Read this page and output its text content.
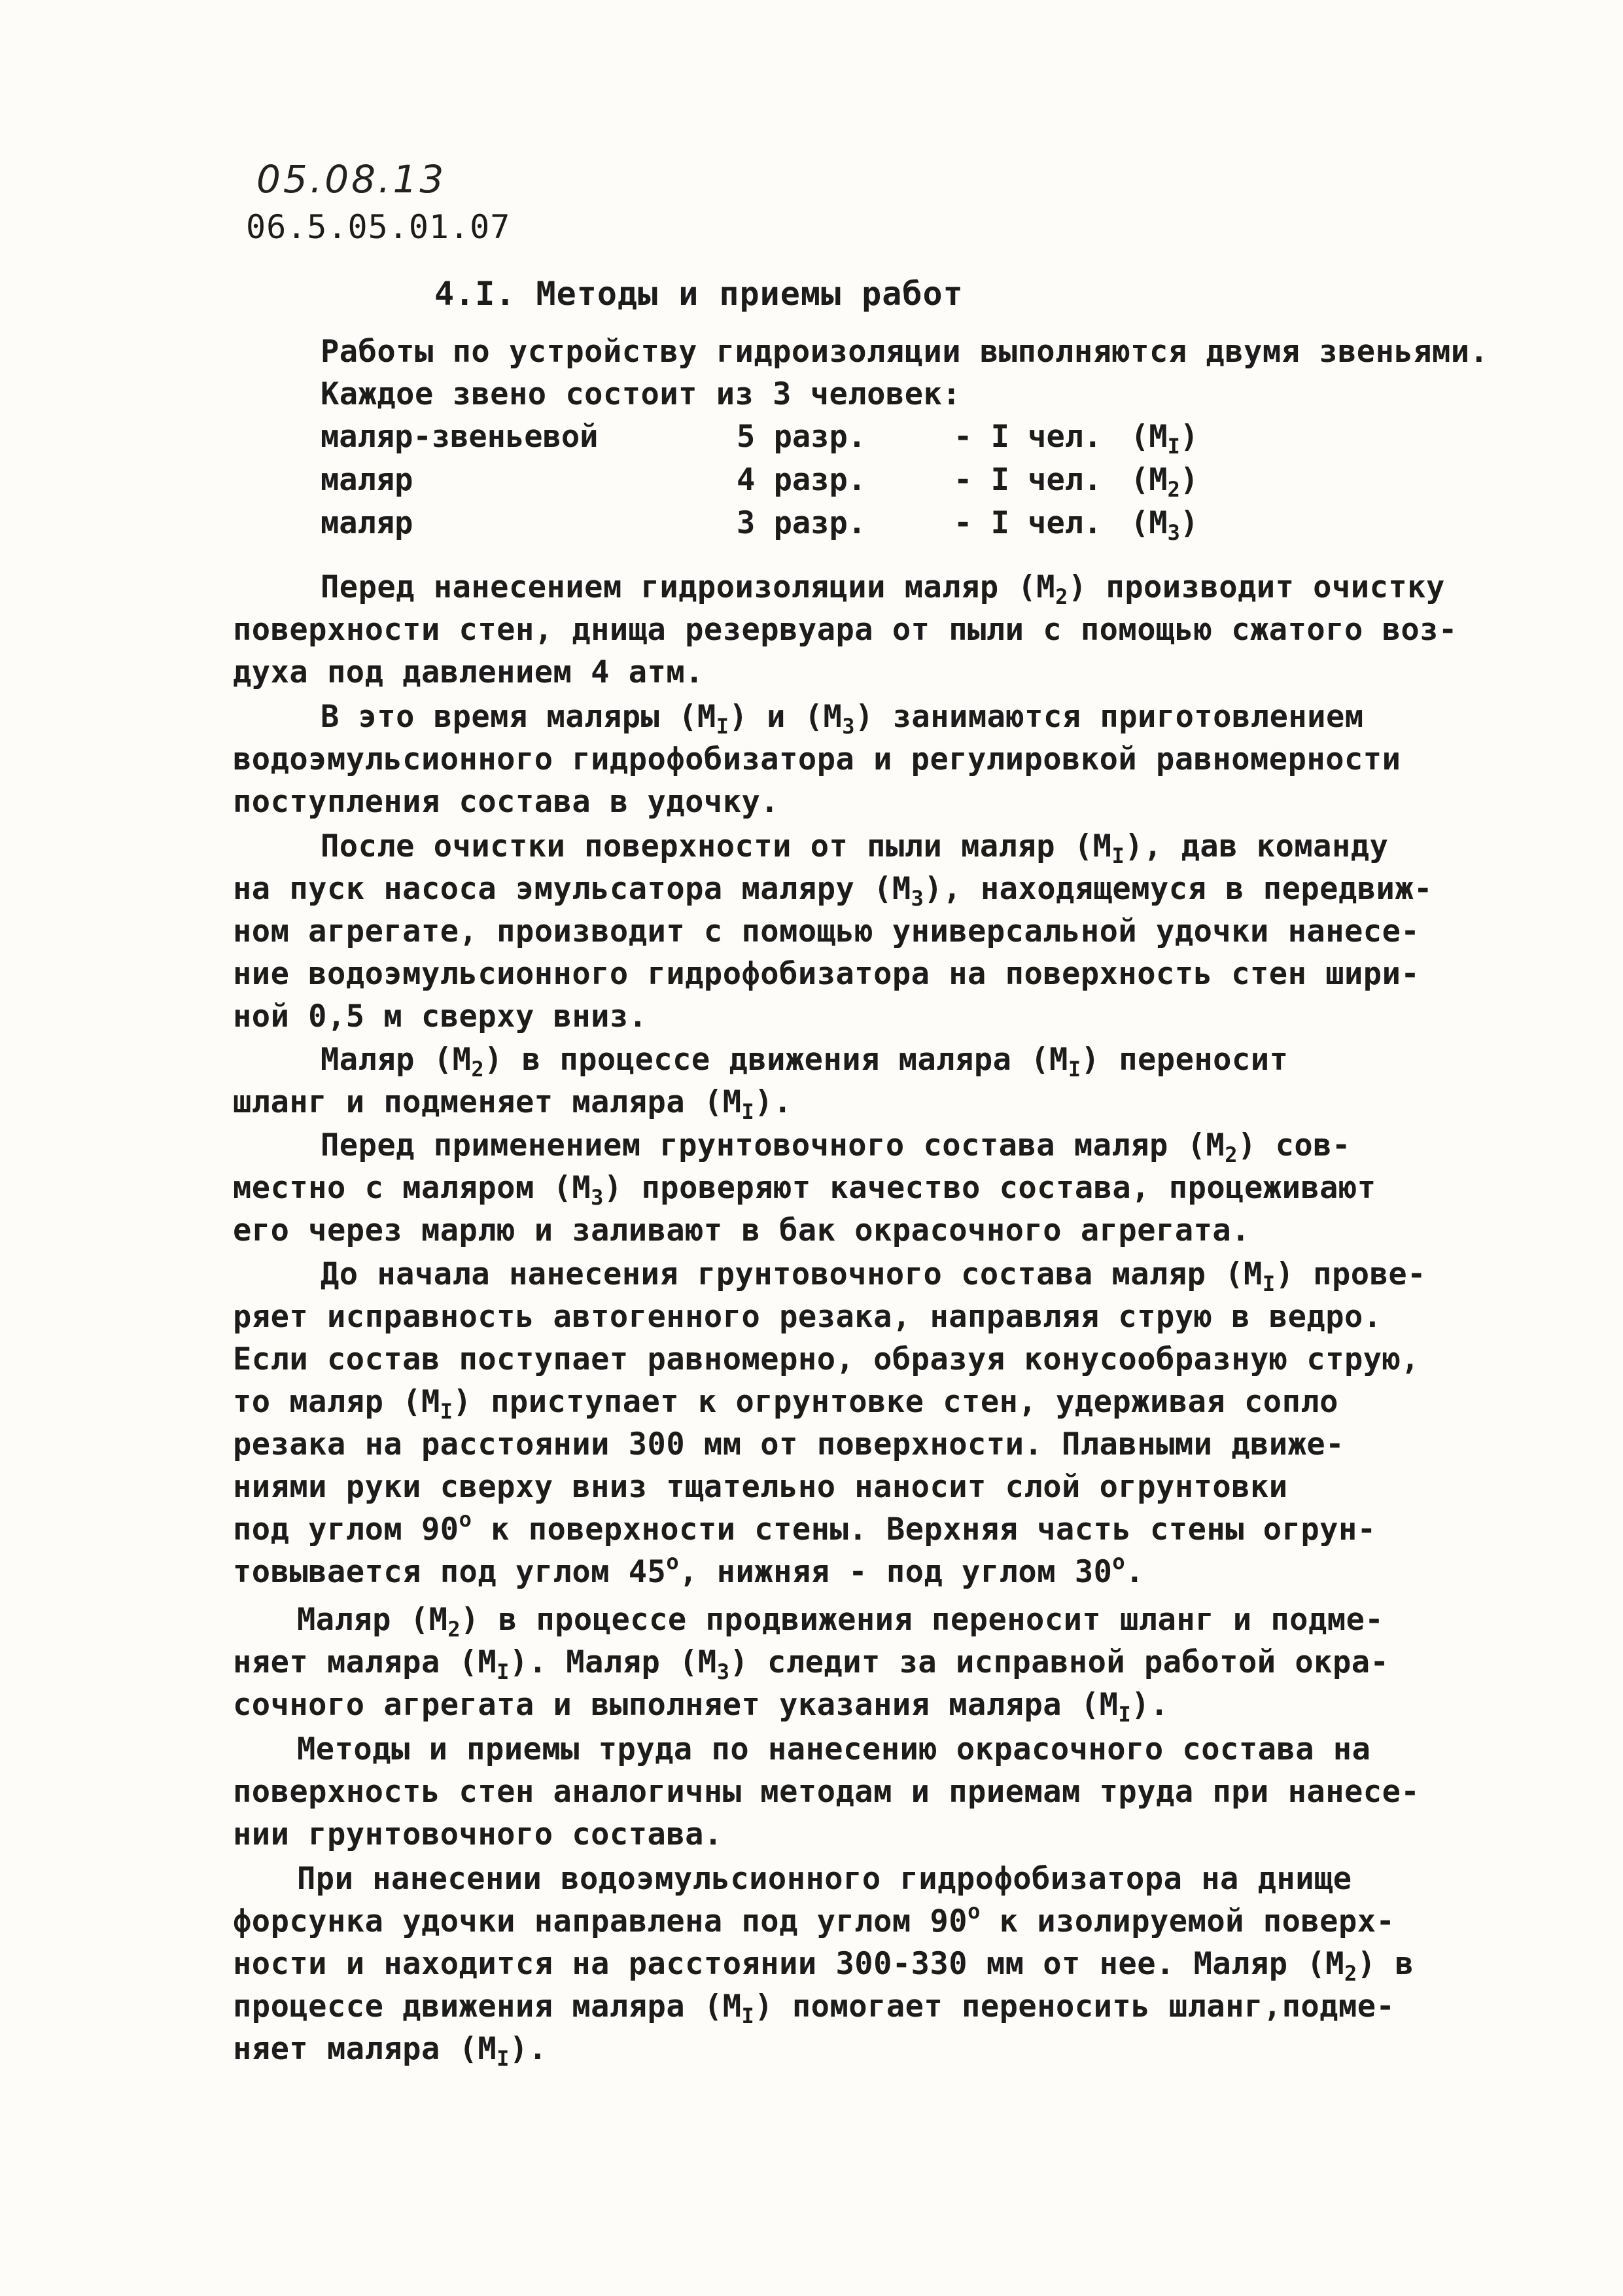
05.08.13
06.5.05.01.07
4.I. Методы и приемы работ
Работы по устройству гидроизоляции выполняются двумя звеньями.
Каждое звено состоит из 3 человек:
маляр-звеньевой	5 разр.	- I чел. $(М_I)$
маляр	4 разр.	- I чел. $(М_2)$
маляр	3 разр.	- I чел. $(М_3)$
Перед нанесением гидроизоляции маляр $(М_2)$ производит очистку
поверхности стен, днища резервуара от пыли с помощью сжатого воз-
духа под давлением 4 атм.
В это время маляры $(М_I)$ и $(М_3)$ занимаются приготовлением
водоэмульсионного гидрофобизатора и регулировкой равномерности
поступления состава в удочку.
После очистки поверхности от пыли маляр $(М_I)$, дав команду
на пуск насоса эмульсатора маляру $(М_3)$, находящемуся в передвиж-
ном агрегате, производит с помощью универсальной удочки нанесе-
ние водоэмульсионного гидрофобизатора на поверхность стен шири-
ной 0,5 м сверху вниз.
Маляр $(М_2)$ в процессе движения маляра $(М_I)$ переносит
шланг и подменяет маляра $(М_I)$.
Перед применением грунтовочного состава маляр $(М_2)$ сов-
местно с маляром $(М_3)$ проверяют качество состава, процеживают
его через марлю и заливают в бак окрасочного агрегата.
До начала нанесения грунтовочного состава маляр $(М_I)$ прове-
ряет исправность автогенного резака, направляя струю в ведро.
Если состав поступает равномерно, образуя конусообразную струю,
то маляр $(М_I)$ приступает к огрунтовке стен, удерживая сопло
резака на расстоянии 300 мм от поверхности. Плавными движе-
ниями руки сверху вниз тщательно наносит слой огрунтовки
под углом $90^о$ к поверхности стены. Верхняя часть стены огрун-
товывается под углом $45^о$, нижняя - под углом $30^о$.
Маляр $(М_2)$ в процессе продвижения переносит шланг и подме-
няет маляра $(М_I)$. Маляр $(М_3)$ следит за исправной работой окра-
сочного агрегата и выполняет указания маляра $(М_I)$.
Методы и приемы труда по нанесению окрасочного состава на
поверхность стен аналогичны методам и приемам труда при нанесе-
нии грунтовочного состава.
При нанесении водоэмульсионного гидрофобизатора на днище
форсунка удочки направлена под углом $90^о$ к изолируемой поверх-
ности и находится на расстоянии 300-330 мм от нее. Маляр $(М_2)$ в
процессе движения маляра $(М_I)$ помогает переносить шланг,подме-
няет маляра $(М_I)$.
